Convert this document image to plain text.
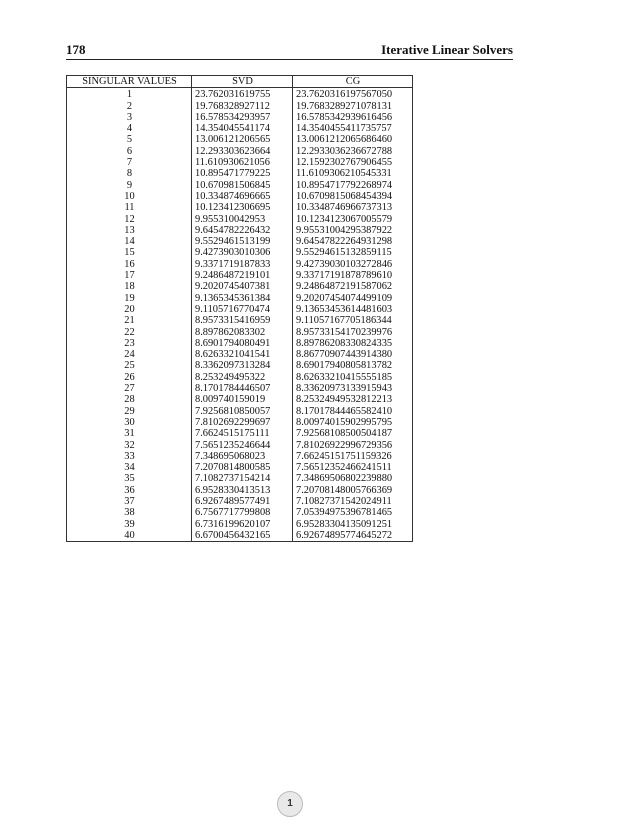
178	Iterative Linear Solvers
SINGULAR VALUES	SVD	CG
1	23.762031619755	23.7620316197567050
2	19.768328927112	19.7683289271078131
3	16.578534293957	16.5785342939616456
4	14.354045541174	14.3540455411735757
5	13.006121206565	13.0061212065686460
6	12.293303623664	12.2933036236672788
7	11.610930621056	12.1592302767906455
8	10.895471779225	11.6109306210545331
9	10.670981506845	10.8954717792268974
10	10.334874696665	10.6709815068454394
11	10.123412306695	10.3348746966737313
12	9.955310042953	10.1234123067005579
13	9.6454782226432	9.95531004295387922
14	9.5529461513199	9.64547822264931298
15	9.4273903010306	9.55294615132859115
16	9.3371719187833	9.42739030103272846
17	9.2486487219101	9.33717191878789610
18	9.2020745407381	9.24864872191587062
19	9.1365345361384	9.20207454074499109
20	9.1105716770474	9.13653453614481603
21	8.9573315416959	9.11057167705186344
22	8.897862083302	8.95733154170239976
23	8.6901794080491	8.89786208330824335
24	8.6263321041541	8.86770907443914380
25	8.3362097313284	8.69017940805813782
26	8.253249495322	8.62633210415555185
27	8.1701784446507	8.33620973133915943
28	8.009740159019	8.25324949532812213
29	7.9256810850057	8.17017844465582410
30	7.8102692299697	8.00974015902995795
31	7.6624515175111	7.92568108500504187
32	7.5651235246644	7.81026922996729356
33	7.348695068023	7.66245151751159326
34	7.2070814800585	7.56512352466241511
35	7.1082737154214	7.34869506802239880
36	6.9528330413513	7.20708148005766369
37	6.9267489577491	7.10827371542024911
38	6.7567717799808	7.05394975396781465
39	6.7316199620107	6.95283304135091251
40	6.6700456432165	6.92674895774645272
1
